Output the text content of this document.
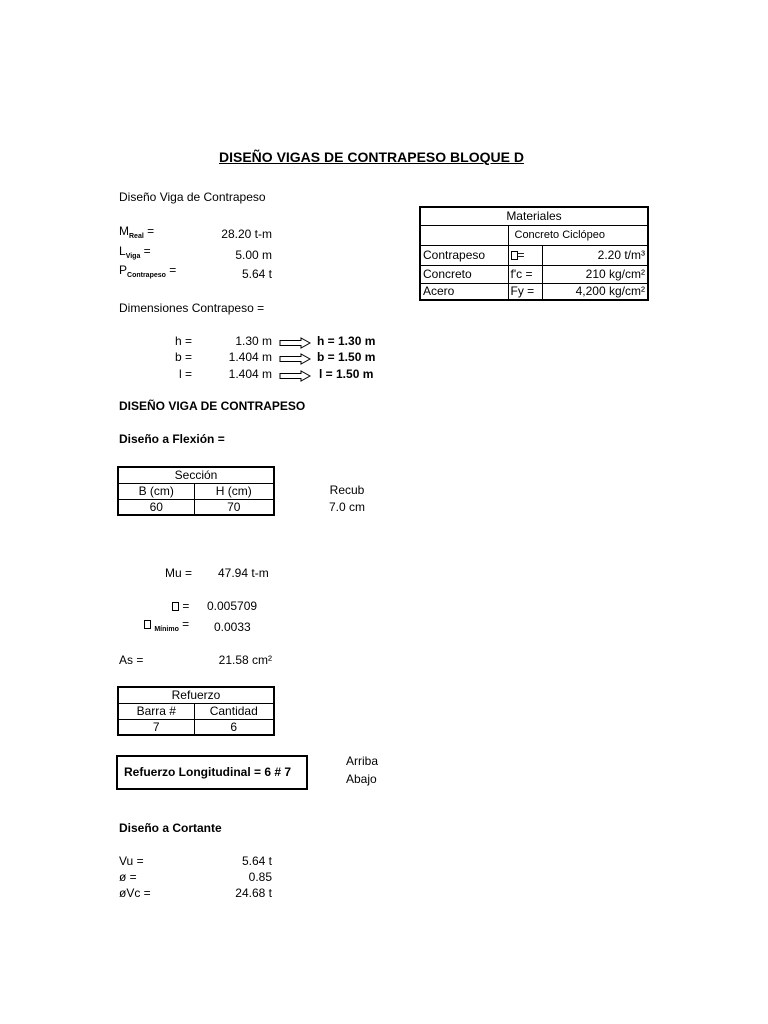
DISEÑO VIGAS DE CONTRAPESO BLOQUE D
Diseño Viga de Contrapeso
$M_{Real}$ =	28.20 t-m
$L_{Viga}$ =	5.00 m
$P_{Contrapeso}$ =	5.64 t
Materiales		
	Concreto Ciclópeo	
Contrapeso	=	2.20 t/m³
Concreto	f'c =	210 kg/cm²
Acero	Fy =	4,200 kg/cm²
Dimensiones Contrapeso =
h =	1.30 m	h = 1.30 m
b =	1.404 m	b = 1.50 m
l =	1.404 m	l = 1.50 m
DISEÑO VIGA DE CONTRAPESO
Diseño a Flexión =
Sección	
B (cm)	H (cm)
60	70
Recub
7.0 cm
Mu = 47.94 t-m
= 0.005709
$_{Mínimo}$ = 0.0033
As =	21.58 cm²
Refuerzo	
Barra #	Cantidad
7	6
Refuerzo Longitudinal = 6 # 7
Arriba
Abajo
Diseño a Cortante
Vu =	5.64 t
ø =	0.85
øVc =	24.68 t
